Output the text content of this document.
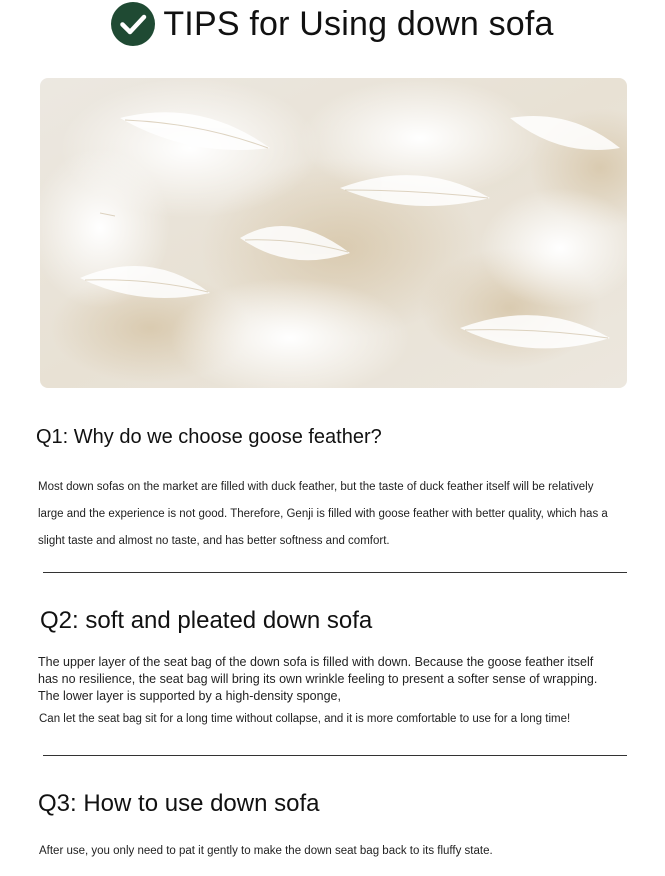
TIPS for Using down sofa
Q1: Why do we choose goose feather?

Most down sofas on the market are filled with duck feather, but the taste of duck feather itself will be relatively large and the experience is not good. Therefore, Genji is filled with goose feather with better quality, which has a slight taste and almost no taste, and has better softness and comfort.

Q2: soft and pleated down sofa

The upper layer of the seat bag of the down sofa is filled with down. Because the goose feather itself has no resilience, the seat bag will bring its own wrinkle feeling to present a softer sense of wrapping. The lower layer is supported by a high-density sponge,

Can let the seat bag sit for a long time without collapse, and it is more comfortable to use for a long time!

Q3: How to use down sofa

After use, you only need to pat it gently to make the down seat bag back to its fluffy state.
